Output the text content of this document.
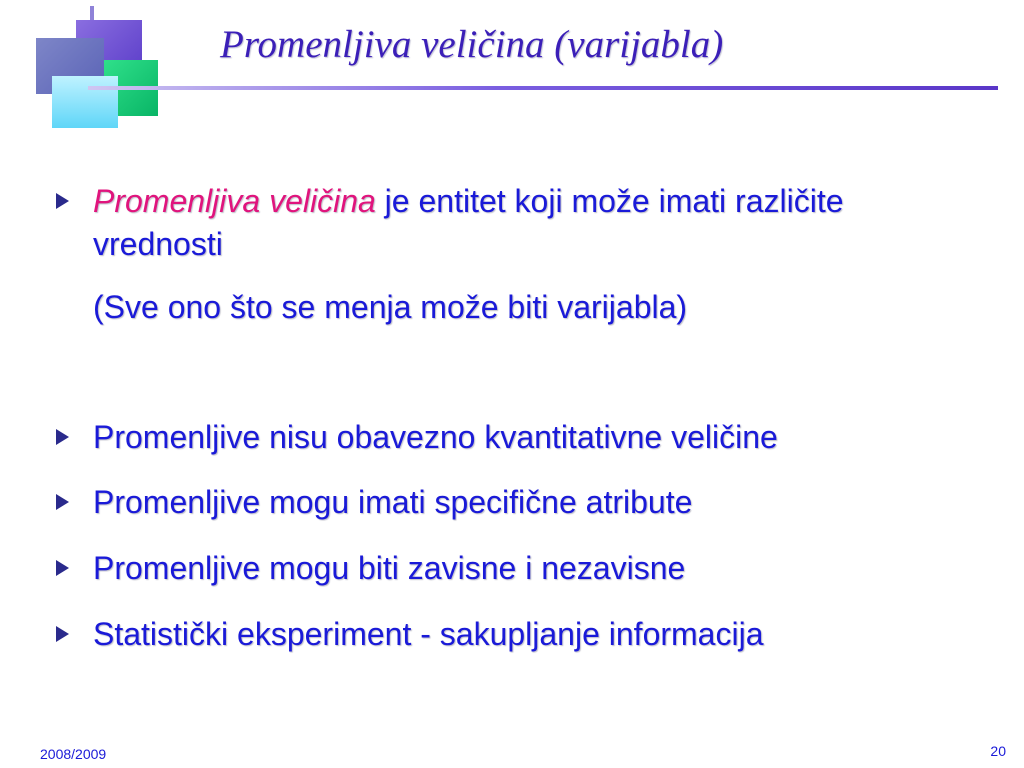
Promenljiva veličina (varijabla)
Promenljiva veličina je entitet koji može imati različite vrednosti
(Sve ono što se menja može biti varijabla)
Promenljive nisu obavezno kvantitativne veličine
Promenljive mogu imati specifične atribute
Promenljive mogu biti zavisne i nezavisne
Statistički eksperiment - sakupljanje informacija
2008/2009	20
